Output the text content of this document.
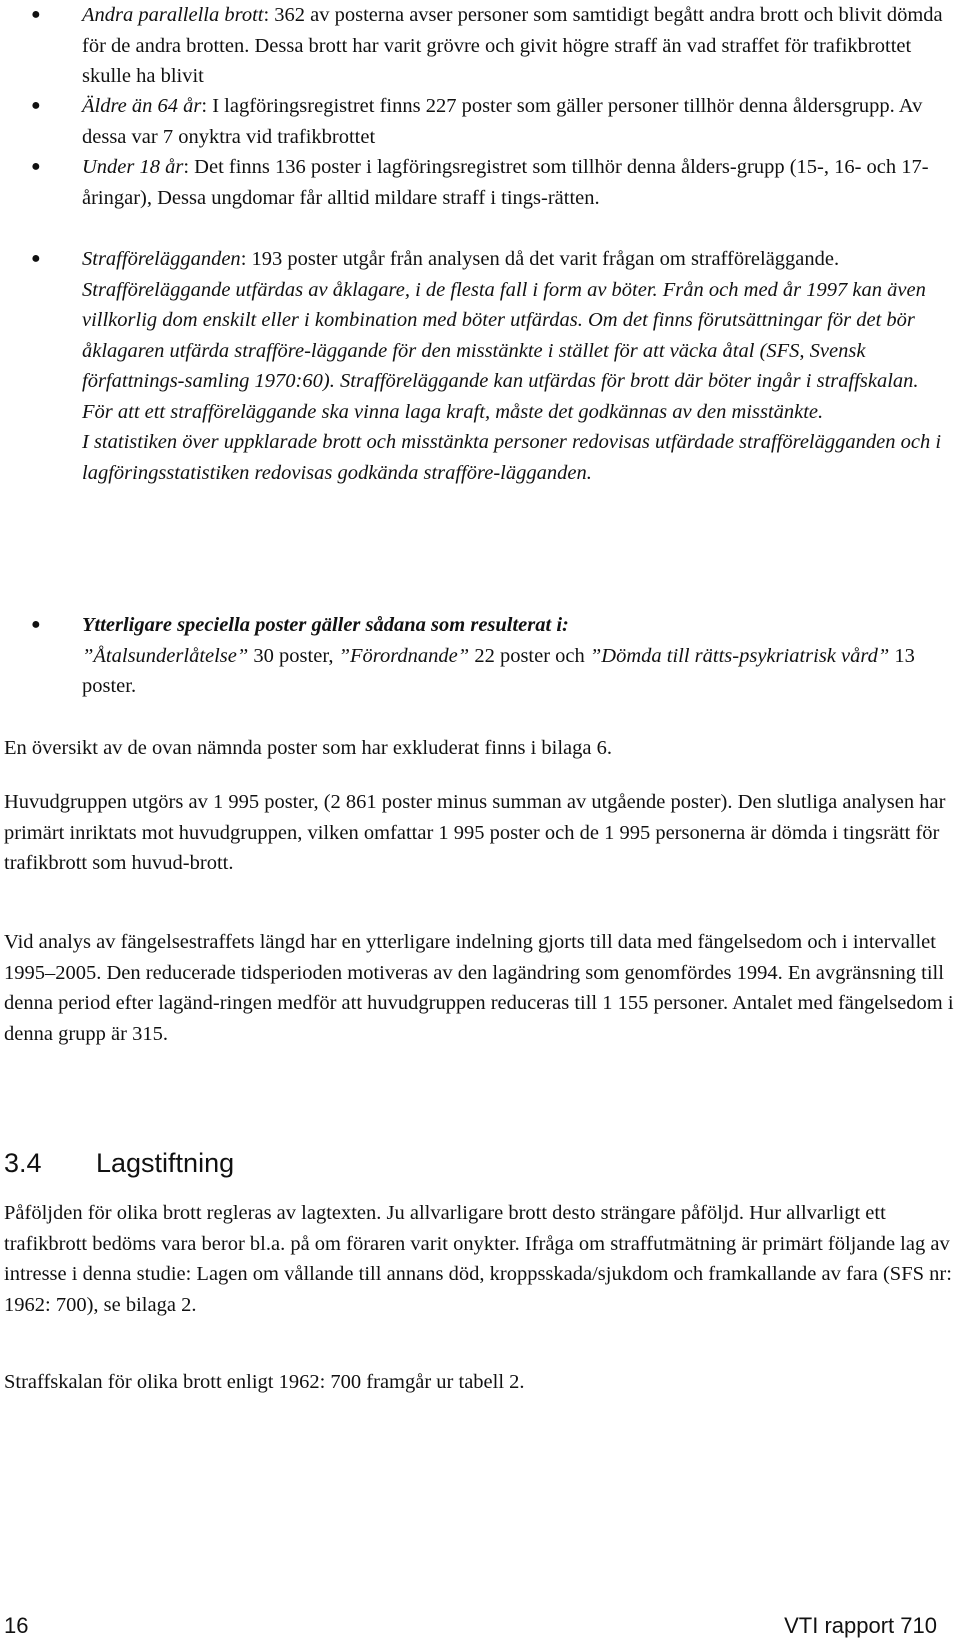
● Andra parallella brott: 362 av posterna avser personer som samtidigt begått andra brott och blivit dömda för de andra brotten. Dessa brott har varit grövre och givit högre straff än vad straffet för trafikbrottet skulle ha blivit
● Äldre än 64 år: I lagföringsregistret finns 227 poster som gäller personer tillhör denna åldersgrupp. Av dessa var 7 onyktra vid trafikbrottet
● Under 18 år: Det finns 136 poster i lagföringsregistret som tillhör denna ålders-grupp (15-, 16- och 17-åringar), Dessa ungdomar får alltid mildare straff i tings-rätten.
● Strafförelägganden: 193 poster utgår från analysen då det varit frågan om strafföreläggande.
Strafföreläggande utfärdas av åklagare, i de flesta fall i form av böter. Från och med år 1997 kan även villkorlig dom enskilt eller i kombination med böter utfärdas. Om det finns förutsättningar för det bör åklagaren utfärda strafföre-läggande för den misstänkte i stället för att väcka åtal (SFS, Svensk författnings-samling 1970:60). Strafföreläggande kan utfärdas för brott där böter ingår i straffskalan. För att ett strafföreläggande ska vinna laga kraft, måste det godkännas av den misstänkte.
I statistiken över uppklarade brott och misstänkta personer redovisas utfärdade strafförelägganden och i lagföringsstatistiken redovisas godkända strafföre-lägganden.
● Ytterligare speciella poster gäller sådana som resulterat i:
”Åtalsunderlåtelse” 30 poster, ”Förordnande” 22 poster och ”Dömda till rätts-psykriatrisk vård” 13 poster.

En översikt av de ovan nämnda poster som har exkluderat finns i bilaga 6.

Huvudgruppen utgörs av 1 995 poster, (2 861 poster minus summan av utgående poster). Den slutliga analysen har primärt inriktats mot huvudgruppen, vilken omfattar 1 995 poster och de 1 995 personerna är dömda i tingsrätt för trafikbrott som huvud-brott.

Vid analys av fängelsestraffets längd har en ytterligare indelning gjorts till data med fängelsedom och i intervallet 1995–2005. Den reducerade tidsperioden motiveras av den lagändring som genomfördes 1994. En avgränsning till denna period efter lagänd-ringen medför att huvudgruppen reduceras till 1 155 personer. Antalet med fängelsedom i denna grupp är 315.

3.4 Lagstiftning

Påföljden för olika brott regleras av lagtexten. Ju allvarligare brott desto strängare påföljd. Hur allvarligt ett trafikbrott bedöms vara beror bl.a. på om föraren varit onykter. Ifråga om straffutmätning är primärt följande lag av intresse i denna studie: Lagen om vållande till annans död, kroppsskada/sjukdom och framkallande av fara (SFS nr: 1962: 700), se bilaga 2.

Straffskalan för olika brott enligt 1962: 700 framgår ur tabell 2.

16	VTI rapport 710
